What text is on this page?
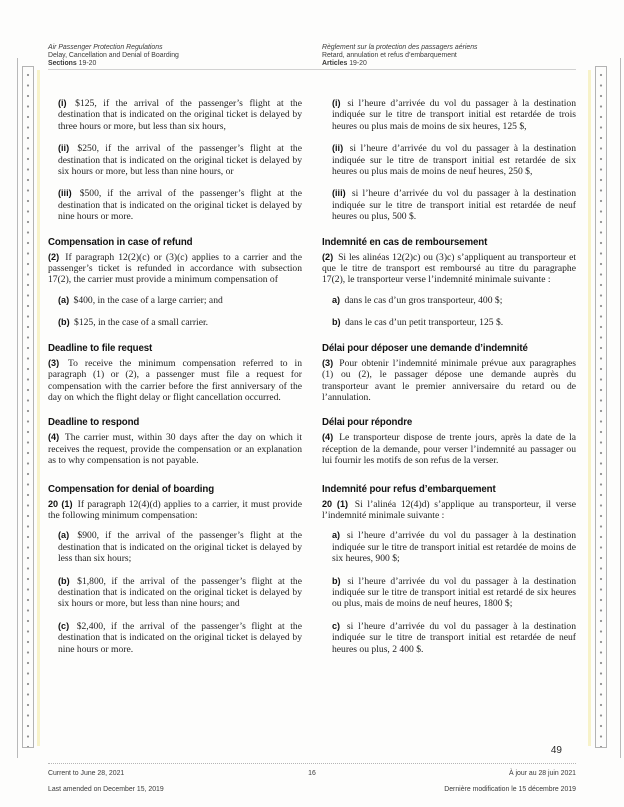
Air Passenger Protection Regulations
Delay, Cancellation and Denial of Boarding
Sections 19-20
Règlement sur la protection des passagers aériens
Retard, annulation et refus d’embarquement
Articles 19-20
(i) $125, if the arrival of the passenger’s flight at the destination that is indicated on the original ticket is delayed by three hours or more, but less than six hours,
(ii) $250, if the arrival of the passenger’s flight at the destination that is indicated on the original ticket is delayed by six hours or more, but less than nine hours, or
(iii) $500, if the arrival of the passenger’s flight at the destination that is indicated on the original ticket is delayed by nine hours or more.
(i) si l’heure d’arrivée du vol du passager à la destination indiquée sur le titre de transport initial est retardée de trois heures ou plus mais de moins de six heures, 125 $,
(ii) si l’heure d’arrivée du vol du passager à la destination indiquée sur le titre de transport initial est retardée de six heures ou plus mais de moins de neuf heures, 250 $,
(iii) si l’heure d’arrivée du vol du passager à la destination indiquée sur le titre de transport initial est retardée de neuf heures ou plus, 500 $.
Compensation in case of refund

(2) If paragraph 12(2)(c) or (3)(c) applies to a carrier and the passenger’s ticket is refunded in accordance with subsection 17(2), the carrier must provide a minimum compensation of

(a) $400, in the case of a large carrier; and
(b) $125, in the case of a small carrier.
Indemnité en cas de remboursement

(2) Si les alinéas 12(2)c) ou (3)c) s’appliquent au transporteur et que le titre de transport est remboursé au titre du paragraphe 17(2), le transporteur verse l’indemnité minimale suivante :

a) dans le cas d’un gros transporteur, 400 $;
b) dans le cas d’un petit transporteur, 125 $.
Deadline to file request

(3) To receive the minimum compensation referred to in paragraph (1) or (2), a passenger must file a request for compensation with the carrier before the first anniversary of the day on which the flight delay or flight cancellation occurred.

Délai pour déposer une demande d’indemnité

(3) Pour obtenir l’indemnité minimale prévue aux paragraphes (1) ou (2), le passager dépose une demande auprès du transporteur avant le premier anniversaire du retard ou de l’annulation.

Deadline to respond

(4) The carrier must, within 30 days after the day on which it receives the request, provide the compensation or an explanation as to why compensation is not payable.

Délai pour répondre

(4) Le transporteur dispose de trente jours, après la date de la réception de la demande, pour verser l’indemnité au passager ou lui fournir les motifs de son refus de la verser.

Compensation for denial of boarding

20 (1) If paragraph 12(4)(d) applies to a carrier, it must provide the following minimum compensation:

(a) $900, if the arrival of the passenger’s flight at the destination that is indicated on the original ticket is delayed by less than six hours;
(b) $1,800, if the arrival of the passenger’s flight at the destination that is indicated on the original ticket is delayed by six hours or more, but less than nine hours; and
(c) $2,400, if the arrival of the passenger’s flight at the destination that is indicated on the original ticket is delayed by nine hours or more.
Indemnité pour refus d’embarquement

20 (1) Si l’alinéa 12(4)d) s’applique au transporteur, il verse l’indemnité minimale suivante :

a) si l’heure d’arrivée du vol du passager à la destination indiquée sur le titre de transport initial est retardée de moins de six heures, 900 $;
b) si l’heure d’arrivée du vol du passager à la destination indiquée sur le titre de transport initial est retardé de six heures ou plus, mais de moins de neuf heures, 1800 $;
c) si l’heure d’arrivée du vol du passager à la destination indiquée sur le titre de transport initial est retardée de neuf heures ou plus, 2 400 $.
49
Current to June 28, 2021	16	À jour au 28 juin 2021
Last amended on December 15, 2019	Dernière modification le 15 décembre 2019
